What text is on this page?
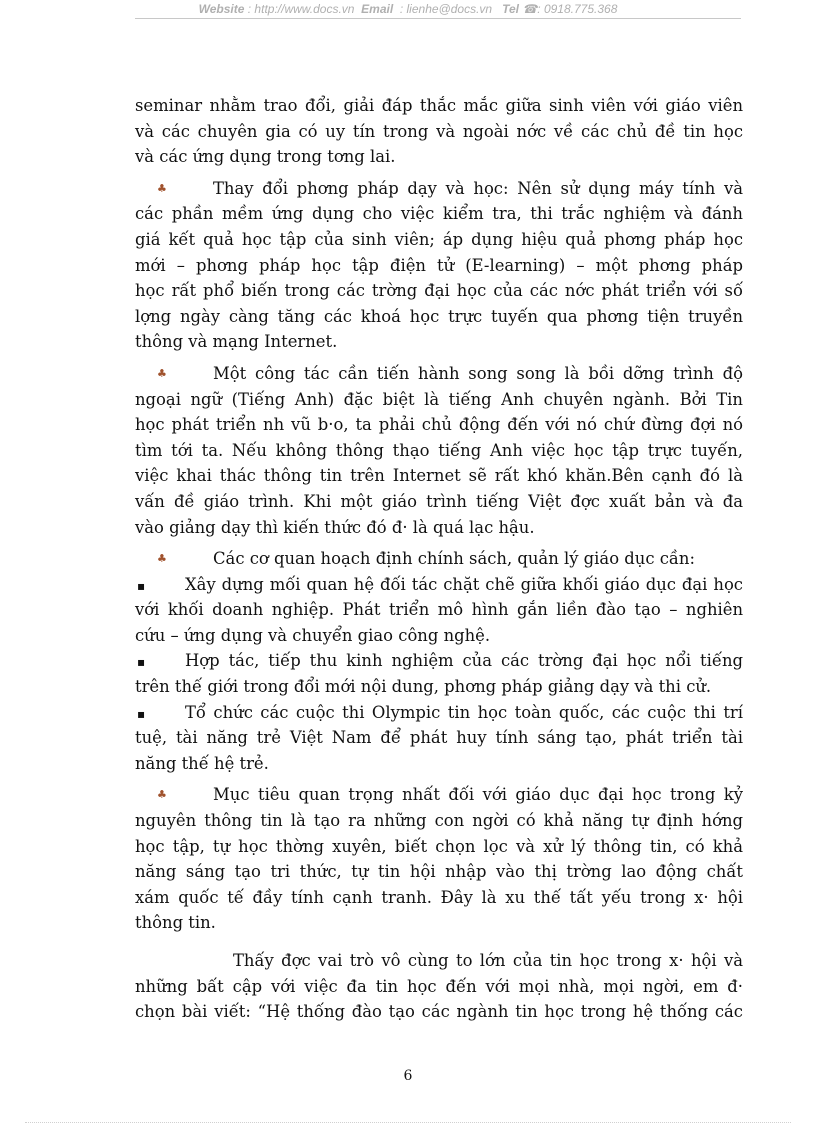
Website : http://www.docs.vn Email : lienhe@docs.vn Tel ☎: 0918.775.368
seminar nhằm trao đổi, giải đáp thắc mắc giữa sinh viên với giáo viên
và các chuyên gia có uy tín trong và ngoài nớc về các chủ đề tin học
và các ứng dụng trong tơng lai.
♣	Thay đổi phơng pháp dạy và học: Nên sử dụng máy tính và
các phần mềm ứng dụng cho việc kiểm tra, thi trắc nghiệm và đánh
giá kết quả học tập của sinh viên; áp dụng hiệu quả phơng pháp học
mới – phơng pháp học tập điện tử (E-learning) – một phơng pháp
học rất phổ biến trong các trờng đại học của các nớc phát triển với số
lợng ngày càng tăng các khoá học trực tuyến qua phơng tiện truyền
thông và mạng Internet.
♣	Một công tác cần tiến hành song song là bồi dỡng trình độ
ngoại ngữ (Tiếng Anh) đặc biệt là tiếng Anh chuyên ngành. Bởi Tin
học phát triển nh vũ b·o, ta phải chủ động đến với nó chứ đừng đợi nó
tìm tới ta. Nếu không thông thạo tiếng Anh việc học tập trực tuyến,
việc khai thác thông tin trên Internet sẽ rất khó khăn.Bên cạnh đó là
vấn đề giáo trình. Khi một giáo trình tiếng Việt đợc xuất bản và đa
vào giảng dạy thì kiến thức đó đ· là quá lạc hậu.
♣	Các cơ quan hoạch định chính sách, quản lý giáo dục cần:
▪ Xây dựng mối quan hệ đối tác chặt chẽ giữa khối giáo dục đại học
với khối doanh nghiệp. Phát triển mô hình gắn liền đào tạo – nghiên
cứu – ứng dụng và chuyển giao công nghệ.
▪ Hợp tác, tiếp thu kinh nghiệm của các trờng đại học nổi tiếng
trên thế giới trong đổi mới nội dung, phơng pháp giảng dạy và thi cử.
▪ Tổ chức các cuộc thi Olympic tin học toàn quốc, các cuộc thi trí
tuệ, tài năng trẻ Việt Nam để phát huy tính sáng tạo, phát triển tài
năng thế hệ trẻ.
♣	Mục tiêu quan trọng nhất đối với giáo dục đại học trong kỷ
nguyên thông tin là tạo ra những con ngời có khả năng tự định hớng
học tập, tự học thờng xuyên, biết chọn lọc và xử lý thông tin, có khả
năng sáng tạo tri thức, tự tin hội nhập vào thị trờng lao động chất
xám quốc tế đầy tính cạnh tranh. Đây là xu thế tất yếu trong x· hội
thông tin.
Thấy đợc vai trò vô cùng to lớn của tin học trong x· hội và
những bất cập với việc đa tin học đến với mọi nhà, mọi ngời, em đ·
chọn bài viết: “Hệ thống đào tạo các ngành tin học trong hệ thống các
6
